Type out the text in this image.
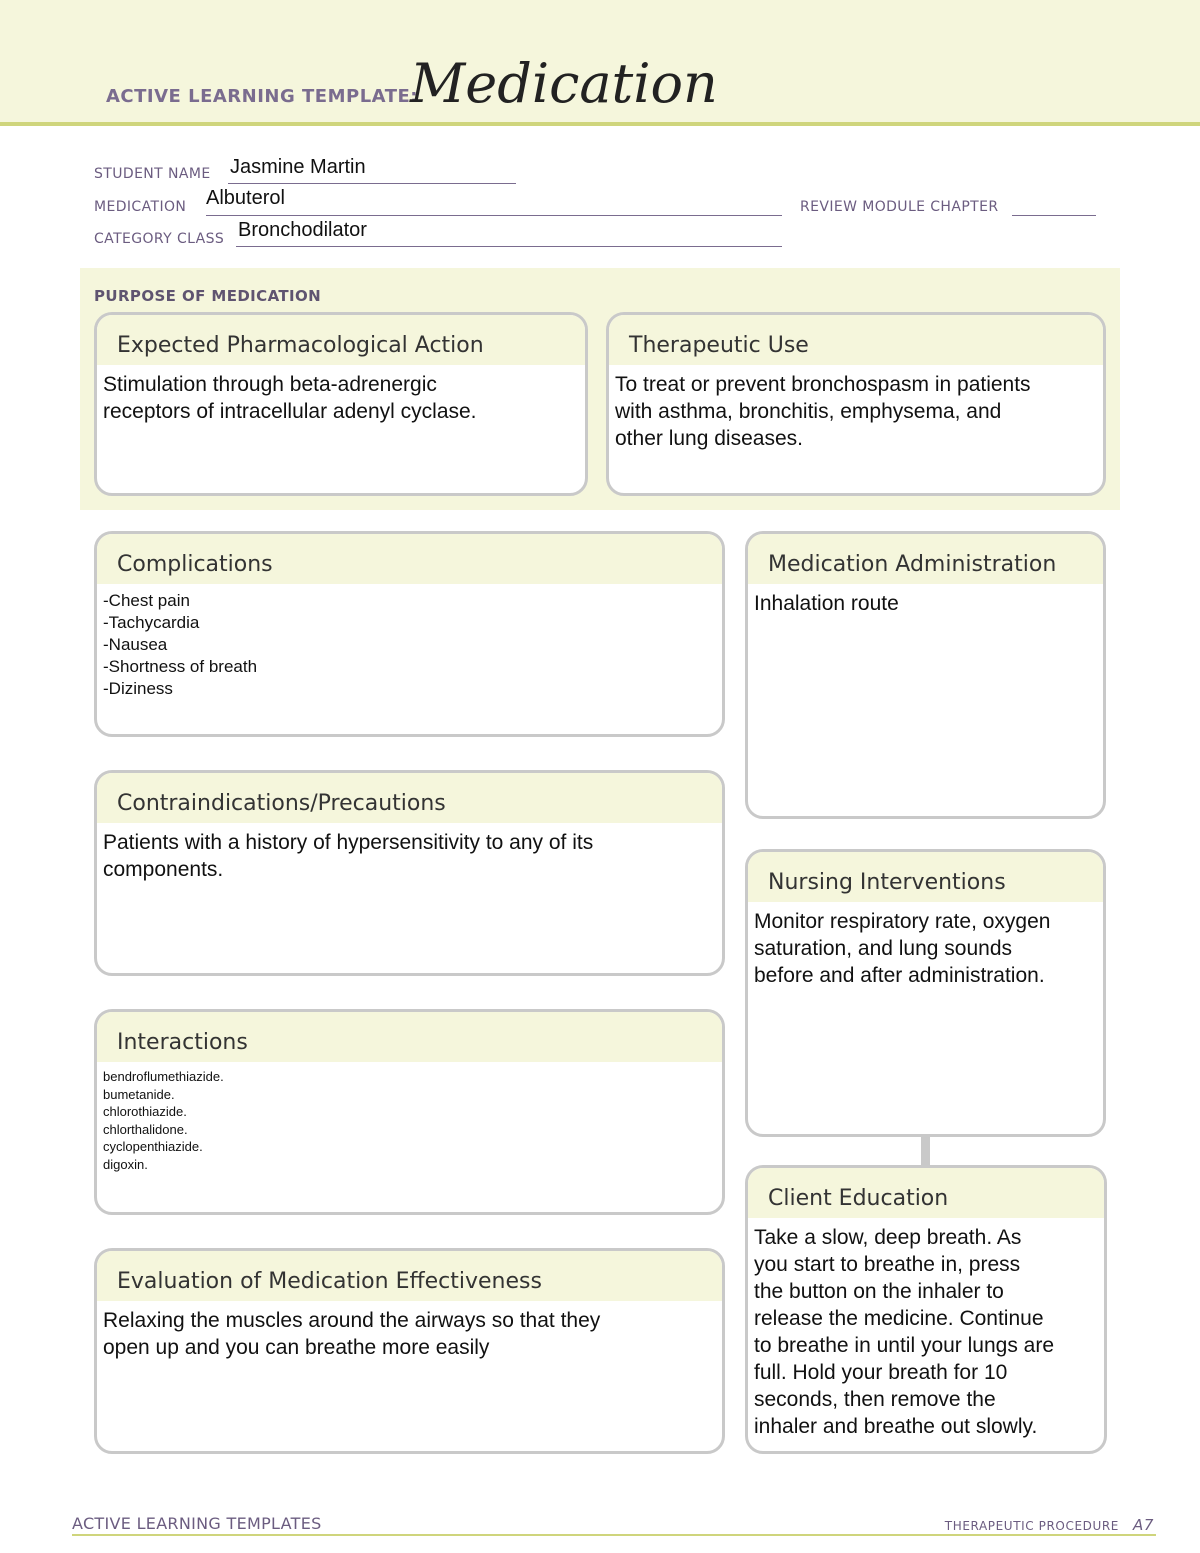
ACTIVE LEARNING TEMPLATE:
Medication
STUDENT NAME Jasmine Martin
MEDICATION Albuterol	REVIEW MODULE CHAPTER
CATEGORY CLASS Bronchodilator
PURPOSE OF MEDICATION
Expected Pharmacological Action
Stimulation through beta-adrenergic
receptors of intracellular adenyl cyclase.
Therapeutic Use
To treat or prevent bronchospasm in patients
with asthma, bronchitis, emphysema, and
other lung diseases.
Complications
-Chest pain
-Tachycardia
-Nausea
-Shortness of breath
-Diziness
Contraindications/Precautions
Patients with a history of hypersensitivity to any of its
components.
Interactions
bendroflumethiazide.
bumetanide.
chlorothiazide.
chlorthalidone.
cyclopenthiazide.
digoxin.
Evaluation of Medication Effectiveness
Relaxing the muscles around the airways so that they
open up and you can breathe more easily
Medication Administration
Inhalation route
Nursing Interventions
Monitor respiratory rate, oxygen
saturation, and lung sounds
before and after administration.
Client Education
Take a slow, deep breath. As
you start to breathe in, press
the button on the inhaler to
release the medicine. Continue
to breathe in until your lungs are
full. Hold your breath for 10
seconds, then remove the
inhaler and breathe out slowly.
ACTIVE LEARNING TEMPLATES	THERAPEUTIC PROCEDURE A7
